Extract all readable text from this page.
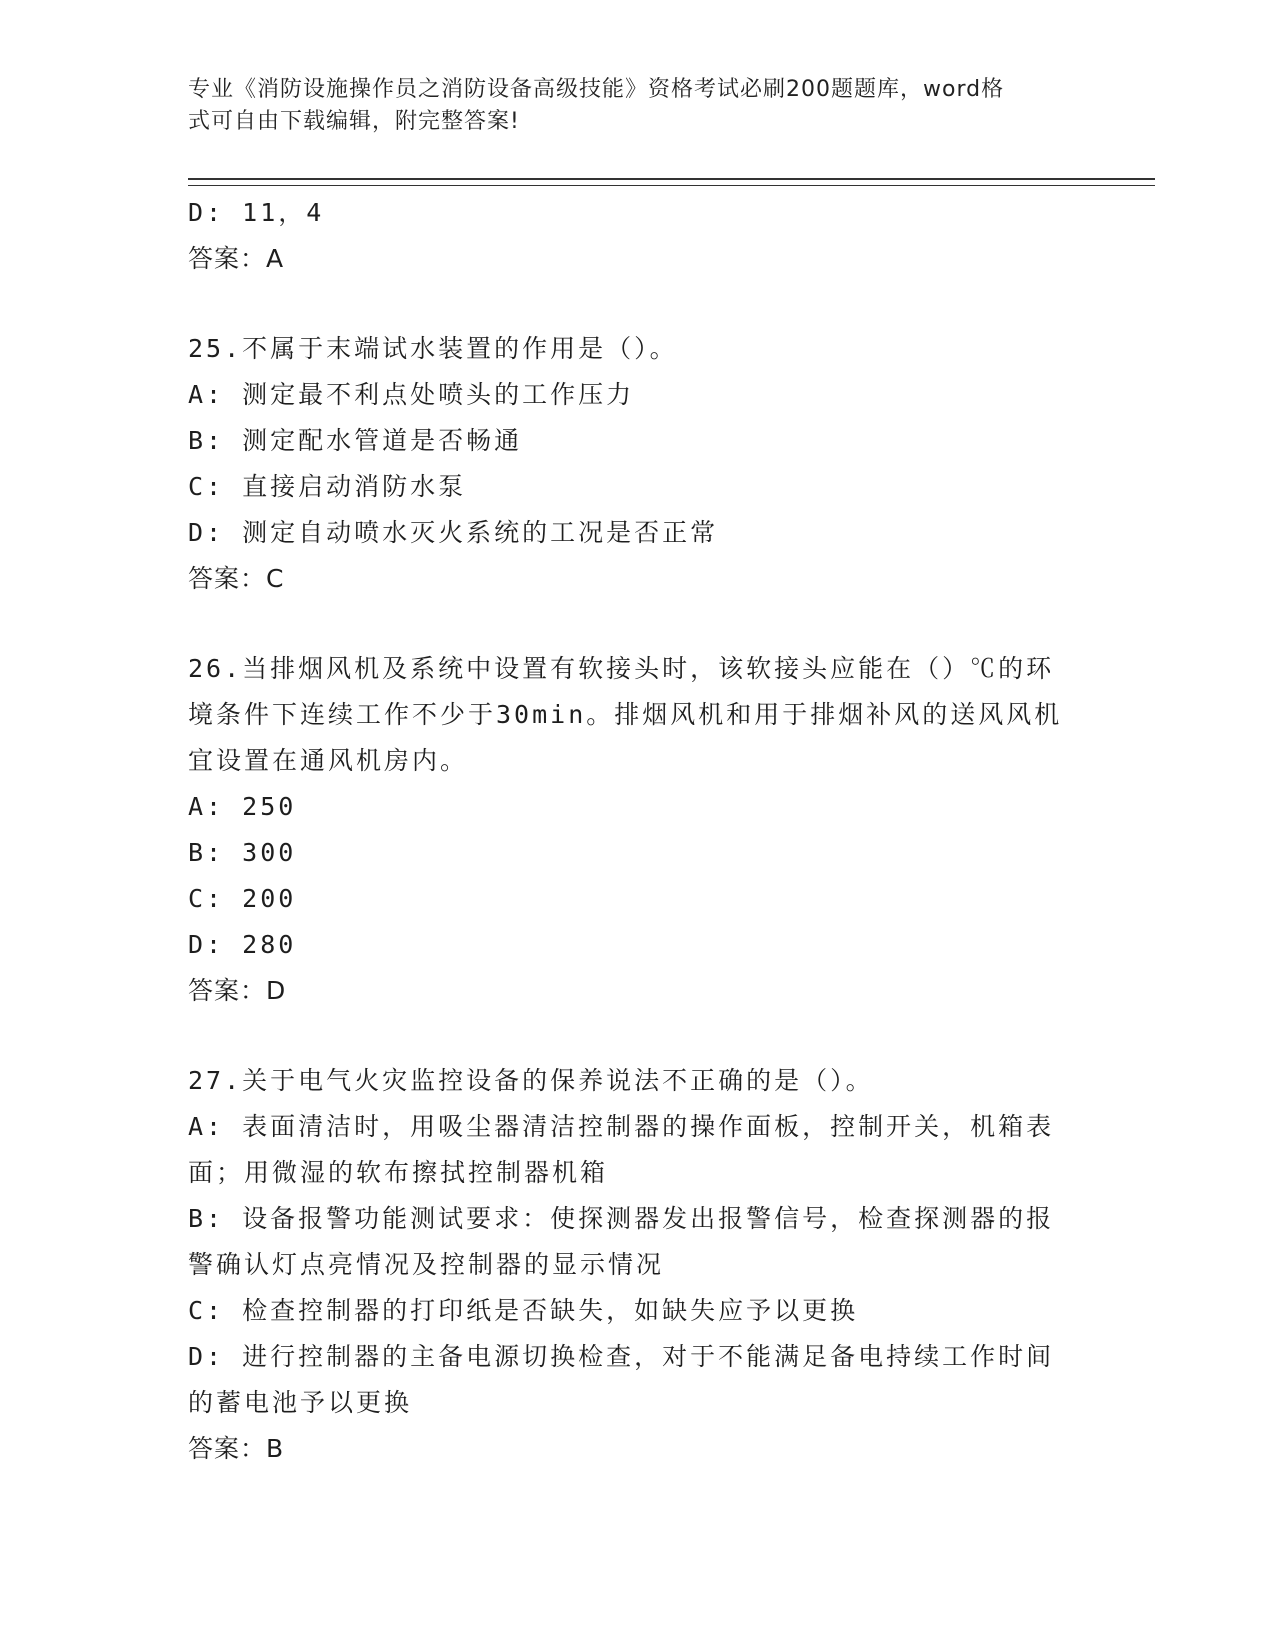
专业《消防设施操作员之消防设备高级技能》资格考试必刷200题题库，word格
式可自由下载编辑，附完整答案!
D: 11，4
答案：A
25.不属于末端试水装置的作用是（）。
A: 测定最不利点处喷头的工作压力
B: 测定配水管道是否畅通
C: 直接启动消防水泵
D: 测定自动喷水灭火系统的工况是否正常
答案：C
26.当排烟风机及系统中设置有软接头时，该软接头应能在（）℃的环
境条件下连续工作不少于30min。排烟风机和用于排烟补风的送风风机
宜设置在通风机房内。
A: 250
B: 300
C: 200
D: 280
答案：D
27.关于电气火灾监控设备的保养说法不正确的是（）。
A: 表面清洁时，用吸尘器清洁控制器的操作面板，控制开关，机箱表
面；用微湿的软布擦拭控制器机箱
B: 设备报警功能测试要求：使探测器发出报警信号，检查探测器的报
警确认灯点亮情况及控制器的显示情况
C: 检查控制器的打印纸是否缺失，如缺失应予以更换
D: 进行控制器的主备电源切换检查，对于不能满足备电持续工作时间
的蓄电池予以更换
答案：B
